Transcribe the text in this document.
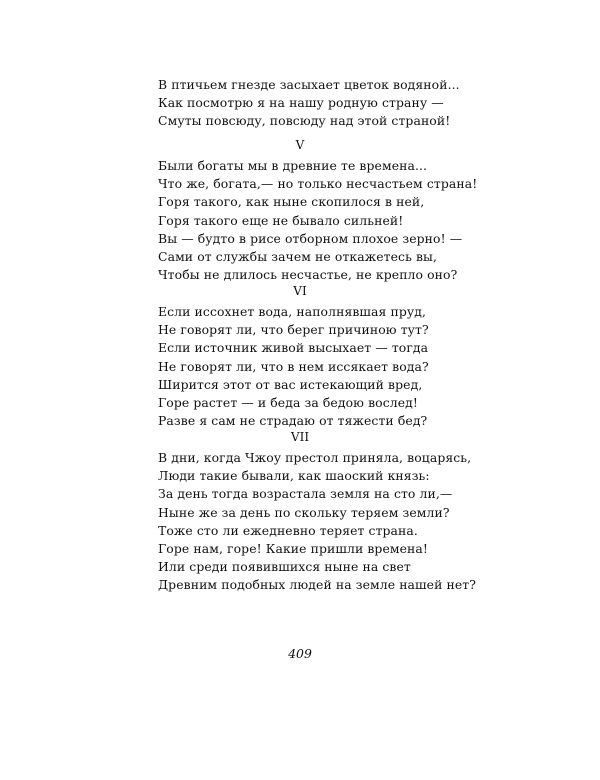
В птичьем гнезде засыхает цветок водяной...
Как посмотрю я на нашу родную страну —
Смуты повсюду, повсюду над этой страной!
V
Были богаты мы в древние те времена...
Что же, богата,— но только несчастьем страна!
Горя такого, как ныне скопилося в ней,
Горя такого еще не бывало сильней!
Вы — будто в рисе отборном плохое зерно! —
Сами от службы зачем не откажетесь вы,
Чтобы не длилось несчастье, не крепло оно?
VI
Если иссохнет вода, наполнявшая пруд,
Не говорят ли, что берег причиною тут?
Если источник живой высыхает — тогда
Не говорят ли, что в нем иссякает вода?
Ширится этот от вас истекающий вред,
Горе растет — и беда за бедою вослед!
Разве я сам не страдаю от тяжести бед?
VII
В дни, когда Чжоу престол приняла, воцарясь,
Люди такие бывали, как шаоский князь:
За день тогда возрастала земля на сто ли,—
Ныне же за день по скольку теряем земли?
Тоже сто ли ежедневно теряет страна.
Горе нам, горе! Какие пришли времена!
Или среди появившихся ныне на свет
Древним подобных людей на земле нашей нет?
409
